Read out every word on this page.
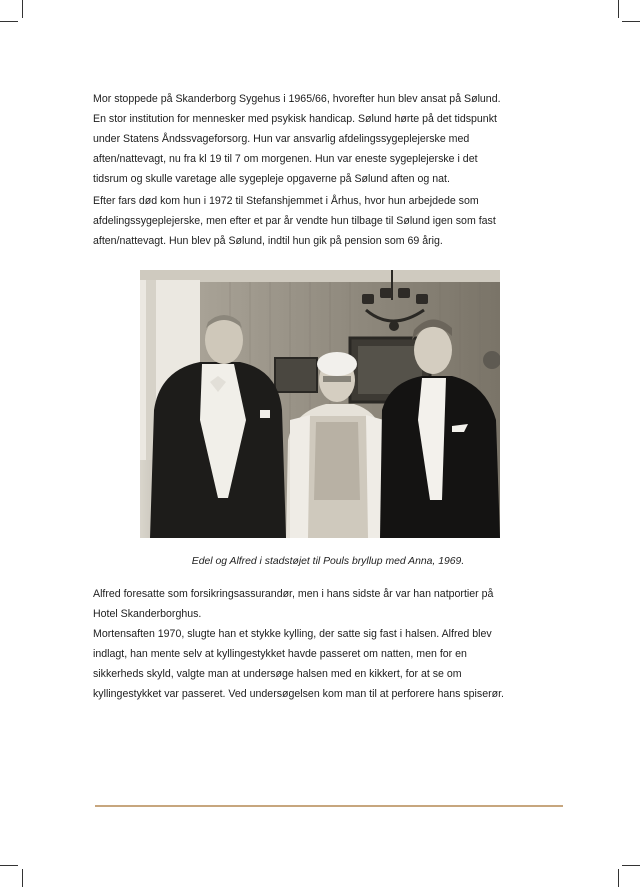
Mor stoppede på Skanderborg Sygehus i 1965/66, hvorefter hun blev ansat på Sølund.
En stor institution for mennesker med psykisk handicap. Sølund hørte på det tidspunkt
under Statens Åndssvageforsorg. Hun var ansvarlig afdelingssygeplejerske med
aften/nattevagt, nu fra kl 19 til 7 om morgenen. Hun var eneste sygeplejerske i det
tidsrum og skulle varetage alle sygepleje opgaverne på Sølund aften og nat.

Efter fars død kom hun i 1972 til Stefanshjemmet i Århus, hvor hun arbejdede som
afdelingssygeplejerske, men efter et par år vendte hun tilbage til Sølund igen som fast
aften/nattevagt. Hun blev på Sølund, indtil hun gik på pension som 69 årig.

Edel og Alfred i stadstøjet til Pouls bryllup med Anna, 1969.

Alfred foresatte som forsikringsassurandør, men i hans sidste år var han natportier på
Hotel Skanderborghus.
Mortensaften 1970, slugte han et stykke kylling, der satte sig fast i halsen. Alfred blev
indlagt, han mente selv at kyllingestykket havde passeret om natten, men for en
sikkerheds skyld, valgte man at undersøge halsen med en kikkert, for at se om
kyllingestykket var passeret. Ved undersøgelsen kom man til at perforere hans spiserør.
